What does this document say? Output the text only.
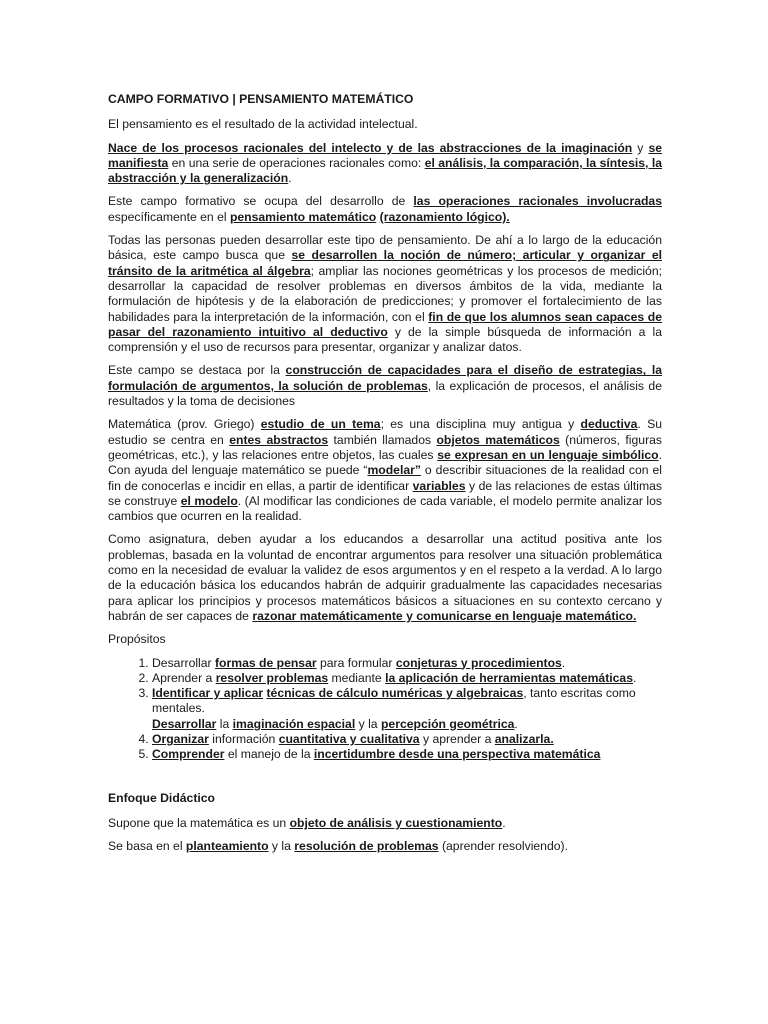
CAMPO FORMATIVO | PENSAMIENTO MATEMÁTICO
El pensamiento es el resultado de la actividad intelectual.
Nace de los procesos racionales del intelecto y de las abstracciones de la imaginación y se manifiesta en una serie de operaciones racionales como: el análisis, la comparación, la síntesis, la abstracción y la generalización.
Este campo formativo se ocupa del desarrollo de las operaciones racionales involucradas específicamente en el pensamiento matemático (razonamiento lógico).
Todas las personas pueden desarrollar este tipo de pensamiento. De ahí a lo largo de la educación básica, este campo busca que se desarrollen la noción de número; articular y organizar el tránsito de la aritmética al álgebra; ampliar las nociones geométricas y los procesos de medición; desarrollar la capacidad de resolver problemas en diversos ámbitos de la vida, mediante la formulación de hipótesis y de la elaboración de predicciones; y promover el fortalecimiento de las habilidades para la interpretación de la información, con el fin de que los alumnos sean capaces de pasar del razonamiento intuitivo al deductivo y de la simple búsqueda de información a la comprensión y el uso de recursos para presentar, organizar y analizar datos.
Este campo se destaca por la construcción de capacidades para el diseño de estrategias, la formulación de argumentos, la solución de problemas, la explicación de procesos, el análisis de resultados y la toma de decisiones
Matemática (prov. Griego) estudio de un tema; es una disciplina muy antigua y deductiva. Su estudio se centra en entes abstractos también llamados objetos matemáticos (números, figuras geométricas, etc.), y las relaciones entre objetos, las cuales se expresan en un lenguaje simbólico. Con ayuda del lenguaje matemático se puede “modelar” o describir situaciones de la realidad con el fin de conocerlas e incidir en ellas, a partir de identificar variables y de las relaciones de estas últimas se construye el modelo. (Al modificar las condiciones de cada variable, el modelo permite analizar los cambios que ocurren en la realidad.
Como asignatura, deben ayudar a los educandos a desarrollar una actitud positiva ante los problemas, basada en la voluntad de encontrar argumentos para resolver una situación problemática como en la necesidad de evaluar la validez de esos argumentos y en el respeto a la verdad. A lo largo de la educación básica los educandos habrán de adquirir gradualmente las capacidades necesarias para aplicar los principios y procesos matemáticos básicos a situaciones en su contexto cercano y habrán de ser capaces de razonar matemáticamente y comunicarse en lenguaje matemático.
Propósitos
1. Desarrollar formas de pensar para formular conjeturas y procedimientos.
2. Aprender a resolver problemas mediante la aplicación de herramientas matemáticas.
3. Identificar y aplicar técnicas de cálculo numéricas y algebraicas, tanto escritas como mentales.
Desarrollar la imaginación espacial y la percepción geométrica.
4. Organizar información cuantitativa y cualitativa y aprender a analizarla.
5. Comprender el manejo de la incertidumbre desde una perspectiva matemática
Enfoque Didáctico
Supone que la matemática es un objeto de análisis y cuestionamiento.
Se basa en el planteamiento y la resolución de problemas (aprender resolviendo).
